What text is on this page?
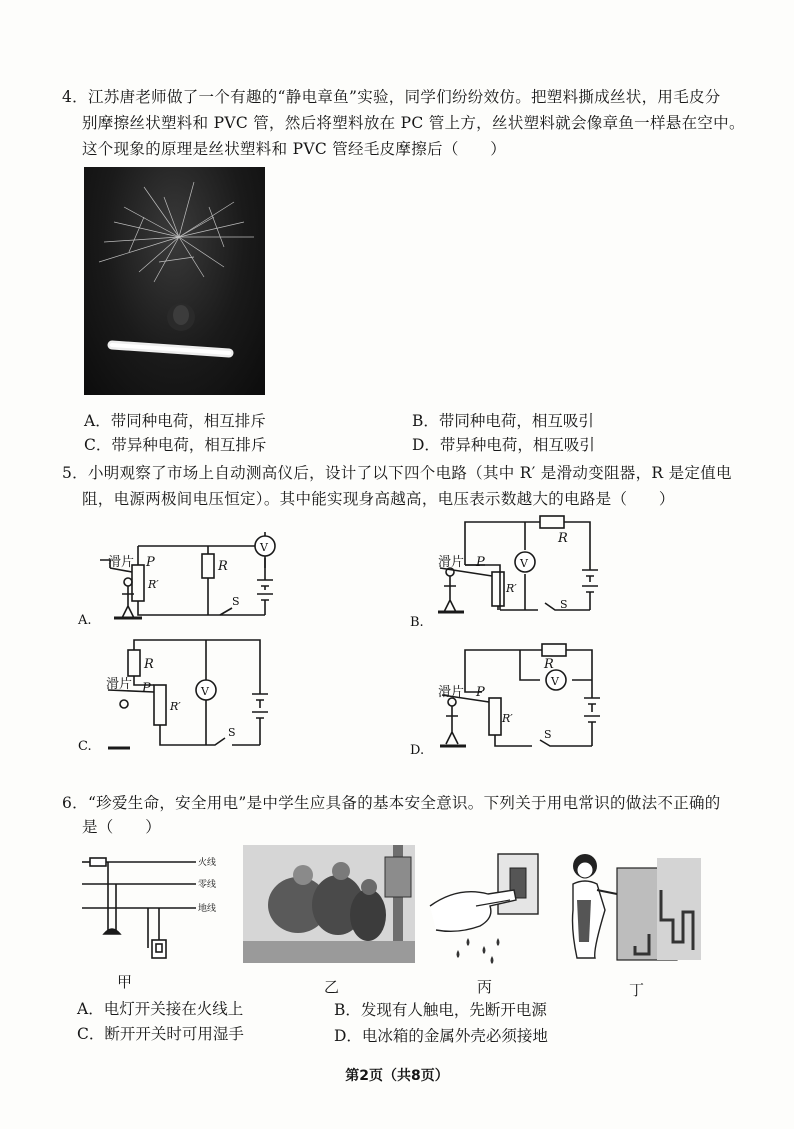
4．江苏唐老师做了一个有趣的“静电章鱼”实验，同学们纷纷效仿。把塑料撕成丝状，用毛皮分
别摩擦丝状塑料和 PVC 管，然后将塑料放在 PC 管上方，丝状塑料就会像章鱼一样悬在空中。
这个现象的原理是丝状塑料和 PVC 管经毛皮摩擦后（　　）
A．带同种电荷，相互排斥	B．带同种电荷，相互吸引
C．带异种电荷，相互排斥	D．带异种电荷，相互吸引
5．小明观察了市场上自动测高仪后，设计了以下四个电路（其中 R′ 是滑动变阻器，R 是定值电
阻，电源两极间电压恒定）。其中能实现身高越高，电压表示数越大的电路是（　　）
滑片 P
R′
R
V
S
A.
滑片 P
R′
R
V
S
B.
R
滑片 P
R′
V
S
C.
R
滑片 P
R′
V
S
D.
6．“珍爱生命，安全用电”是中学生应具备的基本安全意识。下列关于用电常识的做法不正确的
是（　　）
火线
零线
地线
甲	乙	丙	丁
A．电灯开关接在火线上	B．发现有人触电，先断开电源
C．断开开关时可用湿手	D．电冰箱的金属外壳必须接地
第2页（共8页）
